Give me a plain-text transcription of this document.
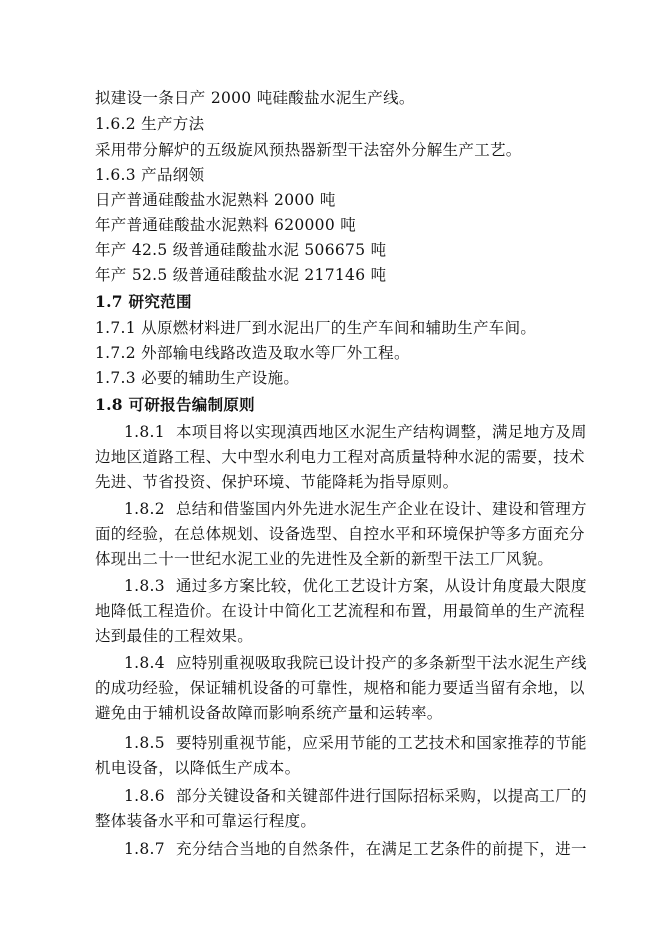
拟建设一条日产 2000 吨硅酸盐水泥生产线。
1.6.2 生产方法
采用带分解炉的五级旋风预热器新型干法窑外分解生产工艺。
1.6.3 产品纲领
日产普通硅酸盐水泥熟料 2000 吨
年产普通硅酸盐水泥熟料 620000 吨
年产 42.5 级普通硅酸盐水泥 506675 吨
年产 52.5 级普通硅酸盐水泥 217146 吨
1.7 研究范围
1.7.1 从原燃材料进厂到水泥出厂的生产车间和辅助生产车间。
1.7.2 外部输电线路改造及取水等厂外工程。
1.7.3 必要的辅助生产设施。
1.8 可研报告编制原则
1.8.1 本项目将以实现滇西地区水泥生产结构调整，满足地方及周
边地区道路工程、大中型水利电力工程对高质量特种水泥的需要，技术
先进、节省投资、保护环境、节能降耗为指导原则。
1.8.2 总结和借鉴国内外先进水泥生产企业在设计、建设和管理方
面的经验，在总体规划、设备选型、自控水平和环境保护等多方面充分
体现出二十一世纪水泥工业的先进性及全新的新型干法工厂风貌。
1.8.3 通过多方案比较，优化工艺设计方案，从设计角度最大限度
地降低工程造价。在设计中简化工艺流程和布置，用最简单的生产流程
达到最佳的工程效果。
1.8.4 应特别重视吸取我院已设计投产的多条新型干法水泥生产线
的成功经验，保证辅机设备的可靠性，规格和能力要适当留有余地，以
避免由于辅机设备故障而影响系统产量和运转率。
1.8.5 要特别重视节能，应采用节能的工艺技术和国家推荐的节能
机电设备，以降低生产成本。
1.8.6 部分关键设备和关键部件进行国际招标采购，以提高工厂的
整体装备水平和可靠运行程度。
1.8.7 充分结合当地的自然条件，在满足工艺条件的前提下，进一
